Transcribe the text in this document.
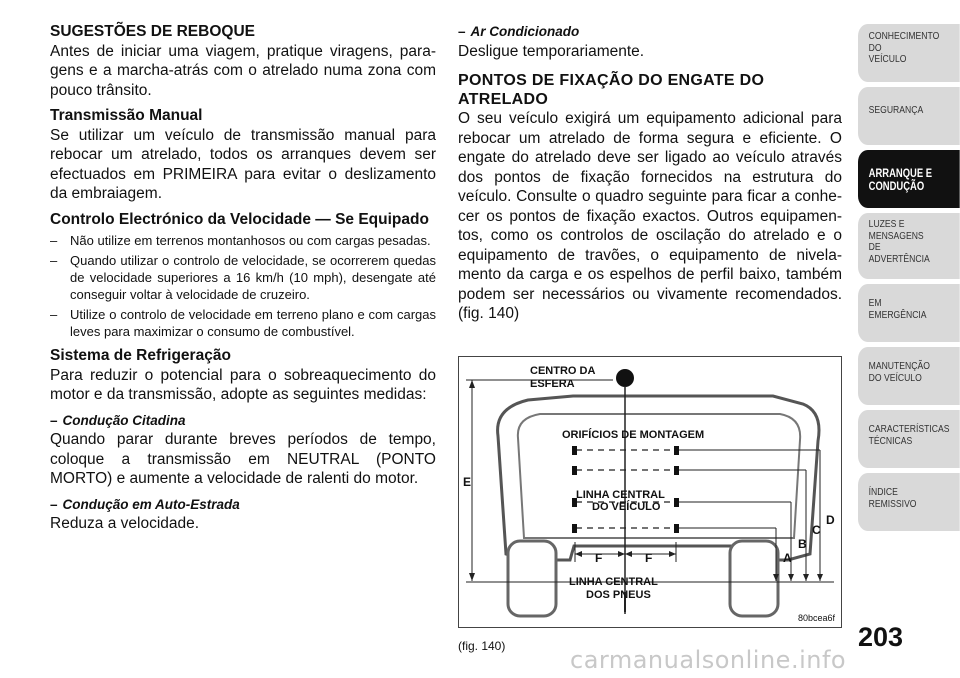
SUGESTÕES DE REBOQUE

Antes de iniciar uma viagem, pratique viragens, para-gens e a marcha-atrás com o atrelado numa zona com pouco trânsito.

Transmissão Manual

Se utilizar um veículo de transmissão manual para rebocar um atrelado, todos os arranques devem ser efectuados em PRIMEIRA para evitar o deslizamento da embraiagem.

Controlo Electrónico da Velocidade — Se Equipado
– Não utilize em terrenos montanhosos ou com cargas pesadas.
– Quando utilizar o controlo de velocidade, se ocorrerem quedas de velocidade superiores a 16 km/h (10 mph), desengate até conseguir voltar à velocidade de cruzeiro.
– Utilize o controlo de velocidade em terreno plano e com cargas leves para maximizar o consumo de combustível.
Sistema de Refrigeração

Para reduzir o potencial para o sobreaquecimento do motor e da transmissão, adopte as seguintes medidas:

– Condução Citadina

Quando parar durante breves períodos de tempo, coloque a transmissão em NEUTRAL (PONTO MORTO) e aumente a velocidade de ralenti do motor.

– Condução em Auto-Estrada

Reduza a velocidade.

– Ar Condicionado

Desligue temporariamente.

PONTOS DE FIXAÇÃO DO ENGATE DO ATRELADO

O seu veículo exigirá um equipamento adicional para rebocar um atrelado de forma segura e eficiente. O engate do atrelado deve ser ligado ao veículo através dos pontos de fixação fornecidos na estrutura do veículo. Consulte o quadro seguinte para ficar a conhe-cer os pontos de fixação exactos. Outros equipamen-tos, como os controlos de oscilação do atrelado e o equipamento de travões, o equipamento de nivela-mento da carga e os espelhos de perfil baixo, também podem ser necessários ou vivamente recomendados. (fig. 140)

CENTRO DA
ESFERA
ORIFÍCIOS DE MONTAGEM
LINHA CENTRAL
DO VEÍCULO
LINHA CENTRAL
DOS PNEUS
E
A
B
C
D
F	F
80bcea6f
(fig. 140)
CONHECIMENTO
DO
VEÍCULO
SEGURANÇA
ARRANQUE E
CONDUÇÃO
LUZES E
MENSAGENS
DE
ADVERTÊNCIA
EM
EMERGÊNCIA
MANUTENÇÃO
DO VEÍCULO
CARACTERÍSTICAS
TÉCNICAS
ÍNDICE
REMISSIVO
203
carmanualsonline.info
